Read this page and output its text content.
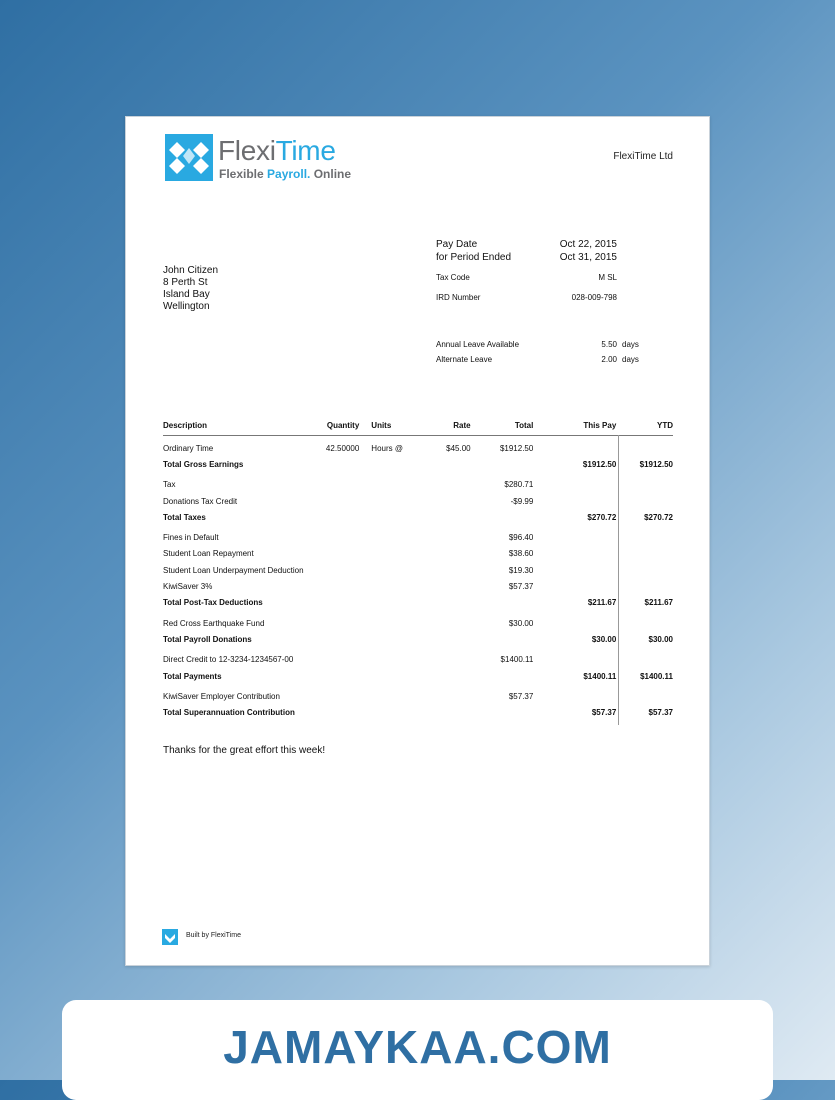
FlexiTime
Flexible Payroll. Online
FlexiTime Ltd
John Citizen
8 Perth St
Island Bay
Wellington
Pay Date	Oct 22, 2015
for Period Ended	Oct 31, 2015
Tax Code	M SL
IRD Number	028-009-798
Annual Leave Available	5.50 days
Alternate Leave	2.00 days
Description	Quantity	Units	Rate	Total	This Pay	YTD

Ordinary Time	42.50000	Hours @	$45.00	$1912.50		
Total Gross Earnings					$1912.50	$1912.50

Tax				$280.71		
Donations Tax Credit				-$9.99		
Total Taxes					$270.72	$270.72

Fines in Default				$96.40		
Student Loan Repayment				$38.60		
Student Loan Underpayment Deduction				$19.30		
KiwiSaver 3%				$57.37		
Total Post-Tax Deductions					$211.67	$211.67

Red Cross Earthquake Fund				$30.00		
Total Payroll Donations					$30.00	$30.00

Direct Credit to 12-3234-1234567-00				$1400.11		
Total Payments					$1400.11	$1400.11

KiwiSaver Employer Contribution				$57.37		
Total Superannuation Contribution					$57.37	$57.37
Thanks for the great effort this week!
Built by FlexiTime
JAMAYKAA.COM
